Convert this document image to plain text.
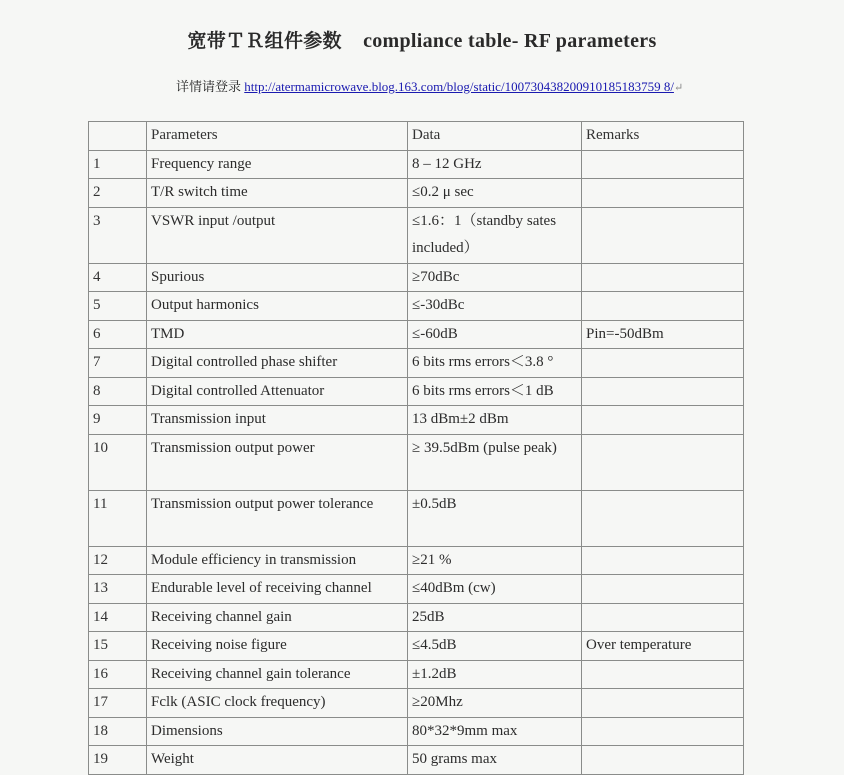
宽带ＴＲ组件参数 compliance table- RF parameters
详情请登录 http://atermamicrowave.blog.163.com/blog/static/100730438200910185183759 8/↵
	Parameters	Data	Remarks
1	Frequency range	8 – 12 GHz	
2	T/R switch time	≤0.2 μ sec	
3	VSWR input /output	≤1.6：1（standby sates included）	
4	Spurious	≥70dBc	
5	Output harmonics	≤-30dBc	
6	TMD	≤-60dB	Pin=-50dBm
7	Digital controlled phase shifter	6 bits rms errors＜3.8 °	
8	Digital controlled Attenuator	6 bits rms errors＜1 dB	
9	Transmission input	13 dBm±2 dBm	
10	Transmission output power	≥ 39.5dBm (pulse peak)	
11	Transmission output power tolerance	±0.5dB	
12	Module efficiency in transmission	≥21 %	
13	Endurable level of receiving channel	≤40dBm (cw)	
14	Receiving channel gain	25dB	
15	Receiving noise figure	≤4.5dB	Over temperature
16	Receiving channel gain tolerance	±1.2dB	
17	Fclk (ASIC clock frequency)	≥20Mhz	
18	Dimensions	80*32*9mm max	
19	Weight	50 grams max	
